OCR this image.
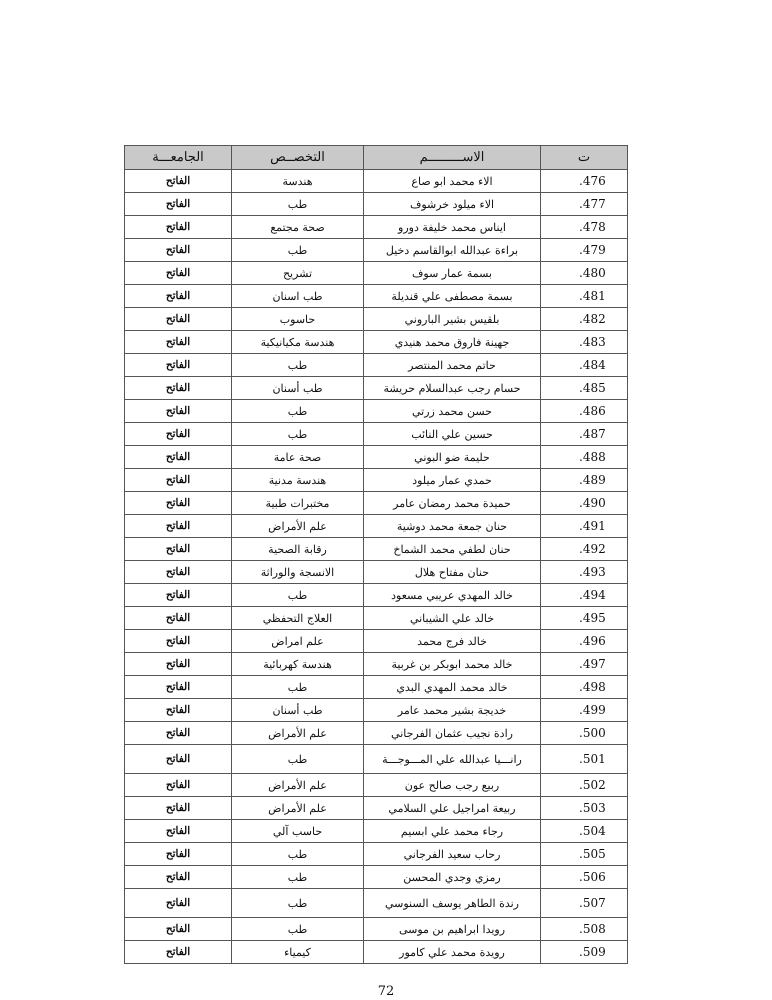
ت	الاســـــــــم	التخصــص	الجامعـــة
.476	الاء محمد ابو صاع	هندسة	الفاتح
.477	الاء ميلود خرشوف	طب	الفاتح
.478	ايناس محمد خليفة دورو	صحة مجتمع	الفاتح
.479	براءة عبدالله ابوالقاسم دخيل	طب	الفاتح
.480	بسمة عمار سوف	تشريح	الفاتح
.481	بسمة مصطفى علي قنديلة	طب اسنان	الفاتح
.482	بلقيس بشير الباروني	حاسوب	الفاتح
.483	جهينة فاروق محمد هنيدي	هندسة مكيانيكية	الفاتح
.484	حاتم محمد المنتصر	طب	الفاتح
.485	حسام رجب عبدالسلام حريشة	طب أسنان	الفاتح
.486	حسن محمد زرتي	طب	الفاتح
.487	حسين علي النائب	طب	الفاتح
.488	حليمة ضو البوني	صحة عامة	الفاتح
.489	حمدي عمار ميلود	هندسة مدنية	الفاتح
.490	حميدة محمد رمضان عامر	مختبرات طبية	الفاتح
.491	حنان جمعة محمد دوشية	علم الأمراض	الفاتح
.492	حنان لطفي محمد الشماخ	رقابة الصحية	الفاتح
.493	حنان مفتاح هلال	الانسجة والوراثة	الفاتح
.494	خالد المهدي عريبي مسعود	طب	الفاتح
.495	خالد علي الشيباني	العلاج التحفظي	الفاتح
.496	خالد فرج محمد	علم امراض	الفاتح
.497	خالد محمد ابوبكر بن غربية	هندسة كهربائية	الفاتح
.498	خالد محمد المهدي البدي	طب	الفاتح
.499	خديجة بشير محمد عامر	طب أسنان	الفاتح
.500	رادة نجيب عثمان الفرجاني	علم الأمراض	الفاتح
.501	رانـــيا عبدالله علي المـــوجـــة	طب	الفاتح
.502	ربيع رجب صالح عون	علم الأمراض	الفاتح
.503	ربيعة امراجيل علي السلامي	علم الأمراض	الفاتح
.504	رجاء محمد علي ابسيم	حاسب آلي	الفاتح
.505	رحاب سعيد الفرجاني	طب	الفاتح
.506	رمزي وجدي المحسن	طب	الفاتح
.507	رندة الطاهر يوسف السنوسي	طب	الفاتح
.508	رويدا ابراهيم بن موسى	طب	الفاتح
.509	رويدة محمد علي كامور	كيمياء	الفاتح
72
